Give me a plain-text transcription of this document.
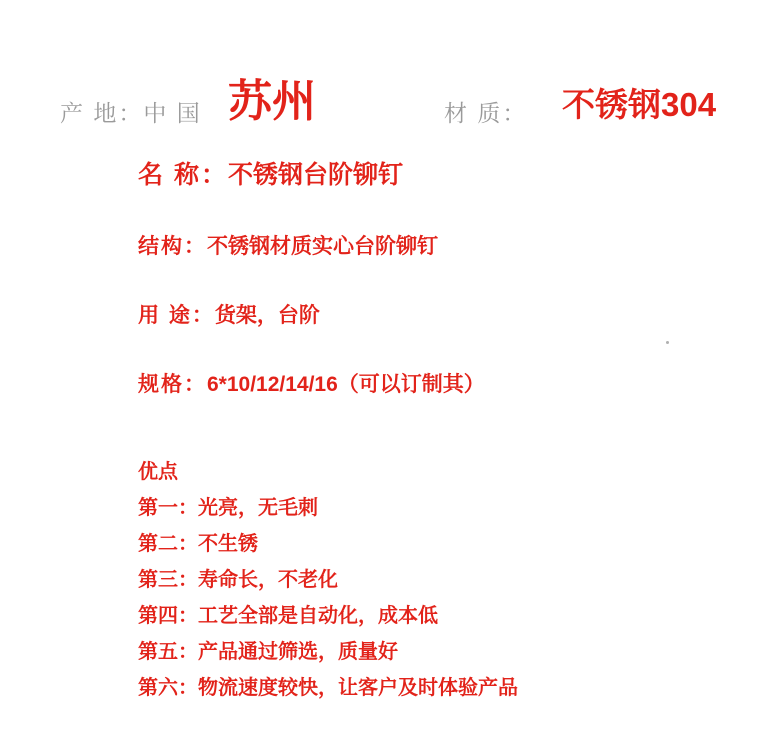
产 地：中 国 苏州	材 质： 不锈钢304
名 称：不锈钢台阶铆钉
结构：不锈钢材质实心台阶铆钉
用 途：货架，台阶
规格：6*10/12/14/16（可以订制其）
优点
第一：光亮，无毛刺
第二：不生锈
第三：寿命长，不老化
第四：工艺全部是自动化，成本低
第五：产品通过筛选，质量好
第六：物流速度较快，让客户及时体验产品
